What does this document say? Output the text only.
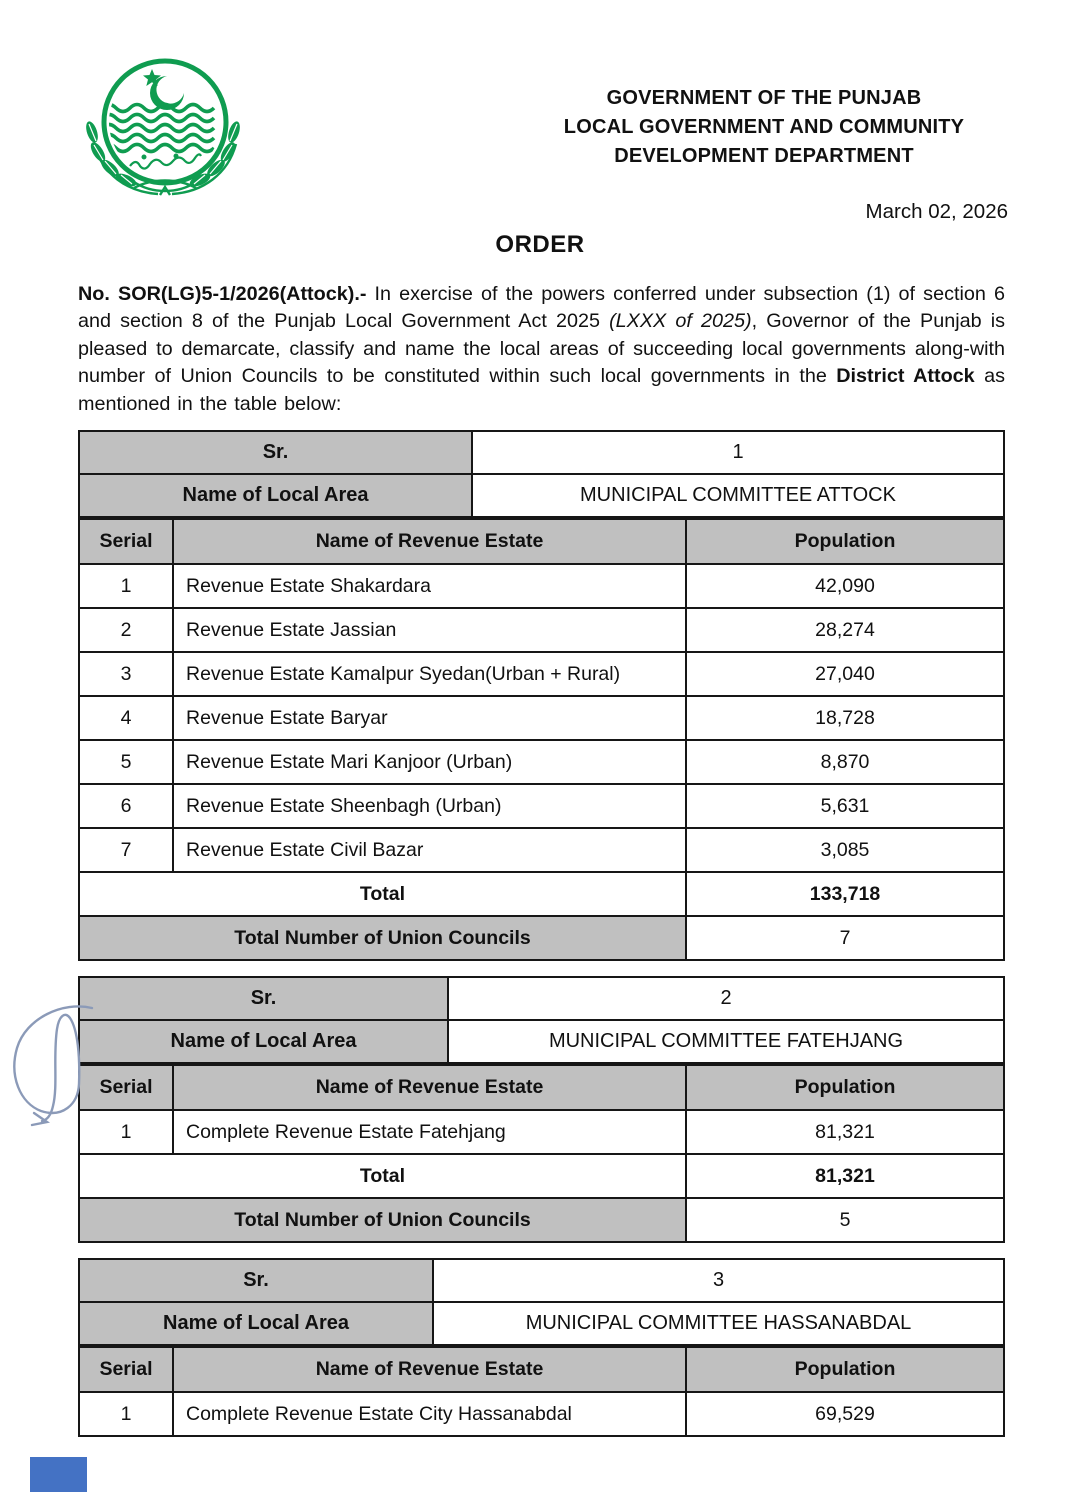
GOVERNMENT OF THE PUNJAB
LOCAL GOVERNMENT AND COMMUNITY
DEVELOPMENT DEPARTMENT
March 02, 2026
ORDER
No. SOR(LG)5-1/2026(Attock).- In exercise of the powers conferred under subsection (1) of section 6 and section 8 of the Punjab Local Government Act 2025 (LXXX of 2025), Governor of the Punjab is pleased to demarcate, classify and name the local areas of succeeding local governments along-with number of Union Councils to be constituted within such local governments in the District Attock as mentioned in the table below:
Sr.	1
Name of Local Area	MUNICIPAL COMMITTEE ATTOCK
Serial	Name of Revenue Estate	Population
1	Revenue Estate Shakardara	42,090
2	Revenue Estate Jassian	28,274
3	Revenue Estate Kamalpur Syedan(Urban + Rural)	27,040
4	Revenue Estate Baryar	18,728
5	Revenue Estate Mari Kanjoor (Urban)	8,870
6	Revenue Estate Sheenbagh (Urban)	5,631
7	Revenue Estate Civil Bazar	3,085
Total		133,718
Total Number of Union Councils		7
Sr.	2
Name of Local Area	MUNICIPAL COMMITTEE FATEHJANG
Serial	Name of Revenue Estate	Population
1	Complete Revenue Estate Fatehjang	81,321
Total		81,321
Total Number of Union Councils		5
Sr.	3
Name of Local Area	MUNICIPAL COMMITTEE HASSANABDAL
Serial	Name of Revenue Estate	Population
1	Complete Revenue Estate City Hassanabdal	69,529
